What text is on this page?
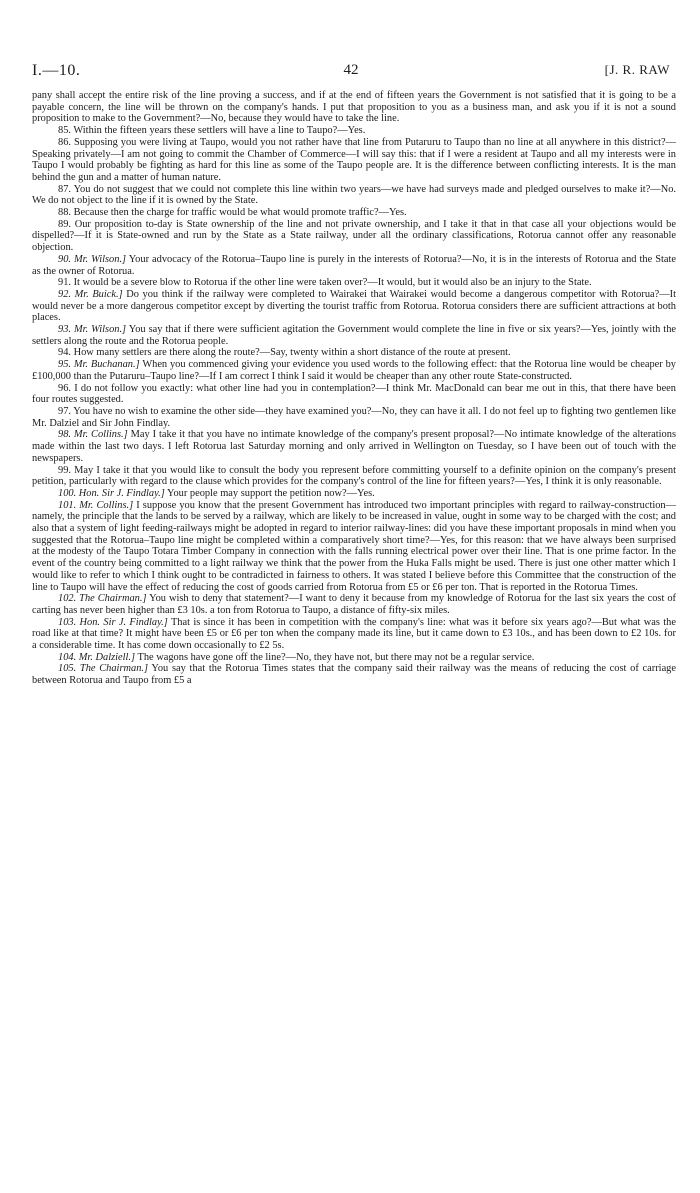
I.—10.	42	[J. R. RAW

pany shall accept the entire risk of the line proving a success, and if at the end of fifteen years the Government is not satisfied that it is going to be a payable concern, the line will be thrown on the company's hands. I put that proposition to you as a business man, and ask you if it is not a sound proposition to make to the Government?—No, because they would have to take the line.

85. Within the fifteen years these settlers will have a line to Taupo?—Yes.

86. Supposing you were living at Taupo, would you not rather have that line from Putaruru to Taupo than no line at all anywhere in this district?—Speaking privately—I am not going to commit the Chamber of Commerce—I will say this: that if I were a resident at Taupo and all my interests were in Taupo I would probably be fighting as hard for this line as some of the Taupo people are. It is the difference between conflicting interests. It is the man behind the gun and a matter of human nature.

87. You do not suggest that we could not complete this line within two years—we have had surveys made and pledged ourselves to make it?—No. We do not object to the line if it is owned by the State.

88. Because then the charge for traffic would be what would promote traffic?—Yes.

89. Our proposition to-day is State ownership of the line and not private ownership, and I take it that in that case all your objections would be dispelled?—If it is State-owned and run by the State as a State railway, under all the ordinary classifications, Rotorua cannot offer any reasonable objection.

90. Mr. Wilson.] Your advocacy of the Rotorua–Taupo line is purely in the interests of Rotorua?—No, it is in the interests of Rotorua and the State as the owner of Rotorua.

91. It would be a severe blow to Rotorua if the other line were taken over?—It would, but it would also be an injury to the State.

92. Mr. Buick.] Do you think if the railway were completed to Wairakei that Wairakei would become a dangerous competitor with Rotorua?—It would never be a more dangerous competitor except by diverting the tourist traffic from Rotorua. Rotorua considers there are sufficient attractions at both places.

93. Mr. Wilson.] You say that if there were sufficient agitation the Government would complete the line in five or six years?—Yes, jointly with the settlers along the route and the Rotorua people.

94. How many settlers are there along the route?—Say, twenty within a short distance of the route at present.

95. Mr. Buchanan.] When you commenced giving your evidence you used words to the following effect: that the Rotorua line would be cheaper by £100,000 than the Putaruru–Taupo line?—If I am correct I think I said it would be cheaper than any other route State-constructed.

96. I do not follow you exactly: what other line had you in contemplation?—I think Mr. MacDonald can bear me out in this, that there have been four routes suggested.

97. You have no wish to examine the other side—they have examined you?—No, they can have it all. I do not feel up to fighting two gentlemen like Mr. Dalziel and Sir John Findlay.

98. Mr. Collins.] May I take it that you have no intimate knowledge of the company's present proposal?—No intimate knowledge of the alterations made within the last two days. I left Rotorua last Saturday morning and only arrived in Wellington on Tuesday, so I have been out of touch with the newspapers.

99. May I take it that you would like to consult the body you represent before committing yourself to a definite opinion on the company's present petition, particularly with regard to the clause which provides for the company's control of the line for fifteen years?—Yes, I think it is only reasonable.

100. Hon. Sir J. Findlay.] Your people may support the petition now?—Yes.

101. Mr. Collins.] I suppose you know that the present Government has introduced two important principles with regard to railway-construction—namely, the principle that the lands to be served by a railway, which are likely to be increased in value, ought in some way to be charged with the cost; and also that a system of light feeding-railways might be adopted in regard to interior railway-lines: did you have these important proposals in mind when you suggested that the Rotorua–Taupo line might be completed within a comparatively short time?—Yes, for this reason: that we have always been surprised at the modesty of the Taupo Totara Timber Company in connection with the falls running electrical power over their line. That is one prime factor. In the event of the country being committed to a light railway we think that the power from the Huka Falls might be used. There is just one other matter which I would like to refer to which I think ought to be contradicted in fairness to others. It was stated I believe before this Committee that the construction of the line to Taupo will have the effect of reducing the cost of goods carried from Rotorua from £5 or £6 per ton. That is reported in the Rotorua Times.

102. The Chairman.] You wish to deny that statement?—I want to deny it because from my knowledge of Rotorua for the last six years the cost of carting has never been higher than £3 10s. a ton from Rotorua to Taupo, a distance of fifty-six miles.

103. Hon. Sir J. Findlay.] That is since it has been in competition with the company's line: what was it before six years ago?—But what was the road like at that time? It might have been £5 or £6 per ton when the company made its line, but it came down to £3 10s., and has been down to £2 10s. for a considerable time. It has come down occasionally to £2 5s.

104. Mr. Dalziell.] The wagons have gone off the line?—No, they have not, but there may not be a regular service.

105. The Chairman.] You say that the Rotorua Times states that the company said their railway was the means of reducing the cost of carriage between Rotorua and Taupo from £5 a
